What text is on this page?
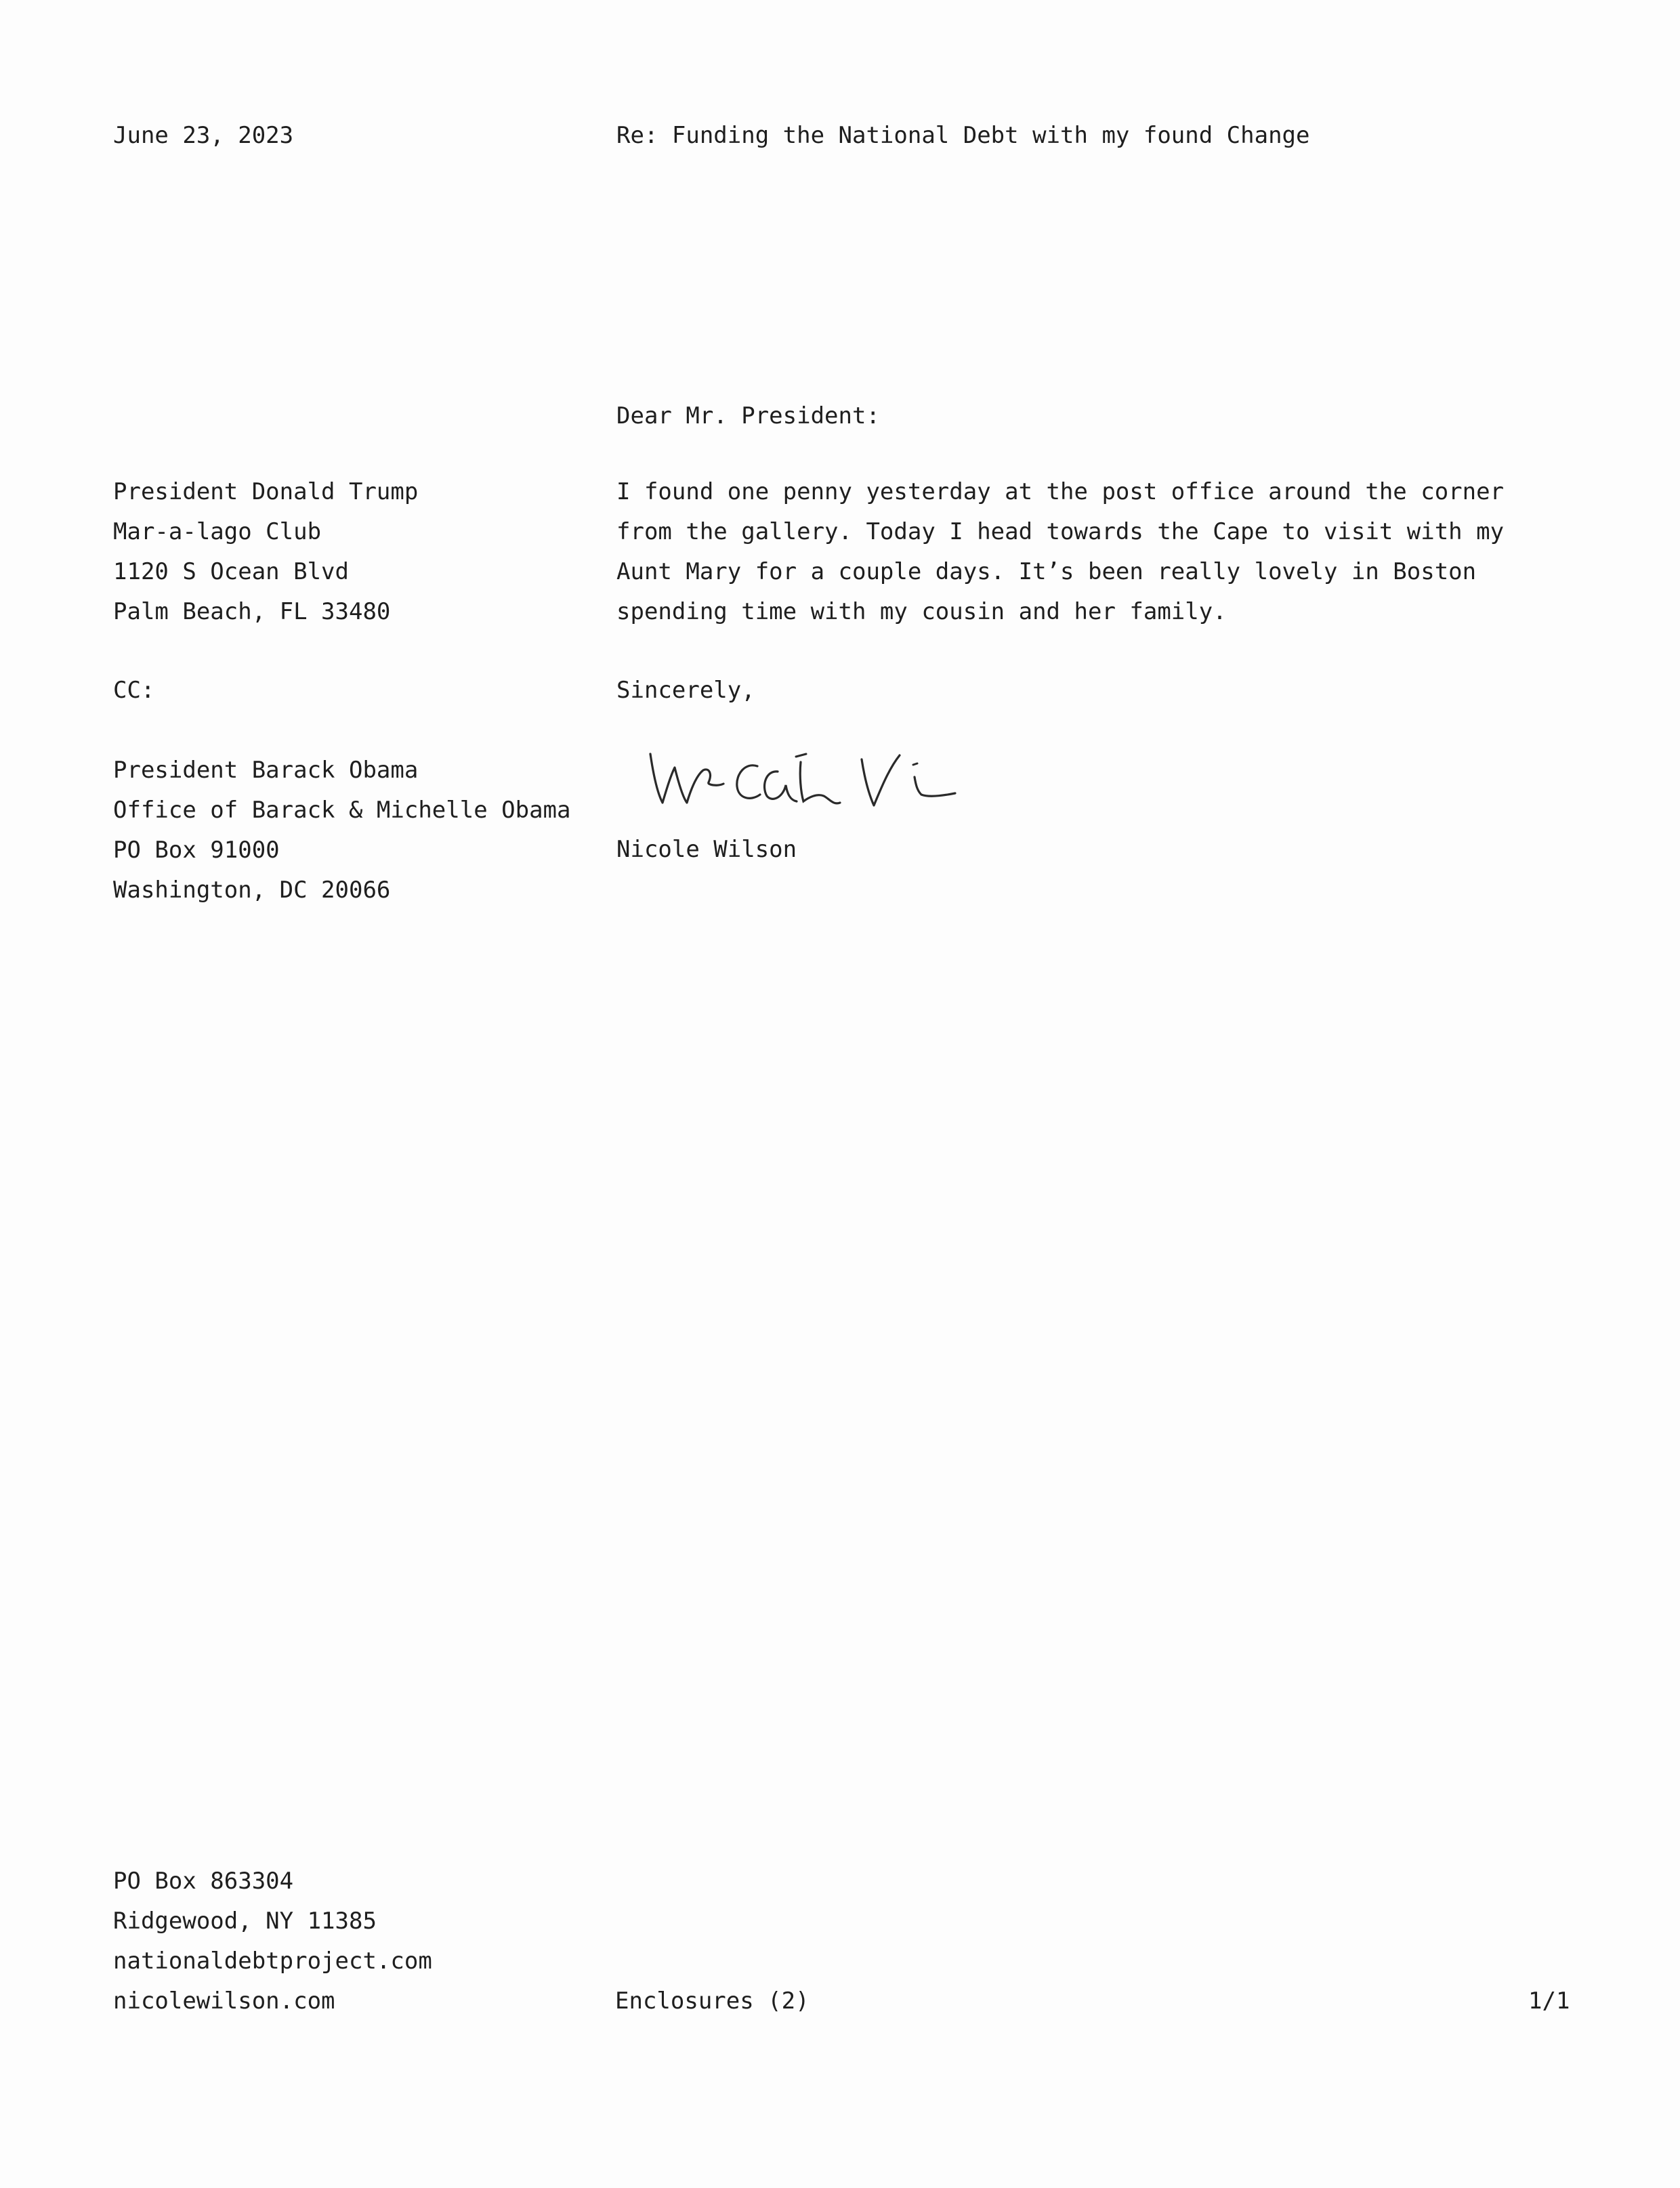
June 23, 2023	Re: Funding the National Debt with my found Change
Dear Mr. President:
President Donald Trump
Mar-a-lago Club
1120 S Ocean Blvd
Palm Beach, FL 33480
I found one penny yesterday at the post office around the corner
from the gallery. Today I head towards the Cape to visit with my
Aunt Mary for a couple days. It’s been really lovely in Boston
spending time with my cousin and her family.
CC:	Sincerely,
President Barack Obama
Office of Barack & Michelle Obama
PO Box 91000
Washington, DC 20066
Nicole Wilson
PO Box 863304
Ridgewood, NY 11385
nationaldebtproject.com
nicolewilson.com	Enclosures (2)	1/1
